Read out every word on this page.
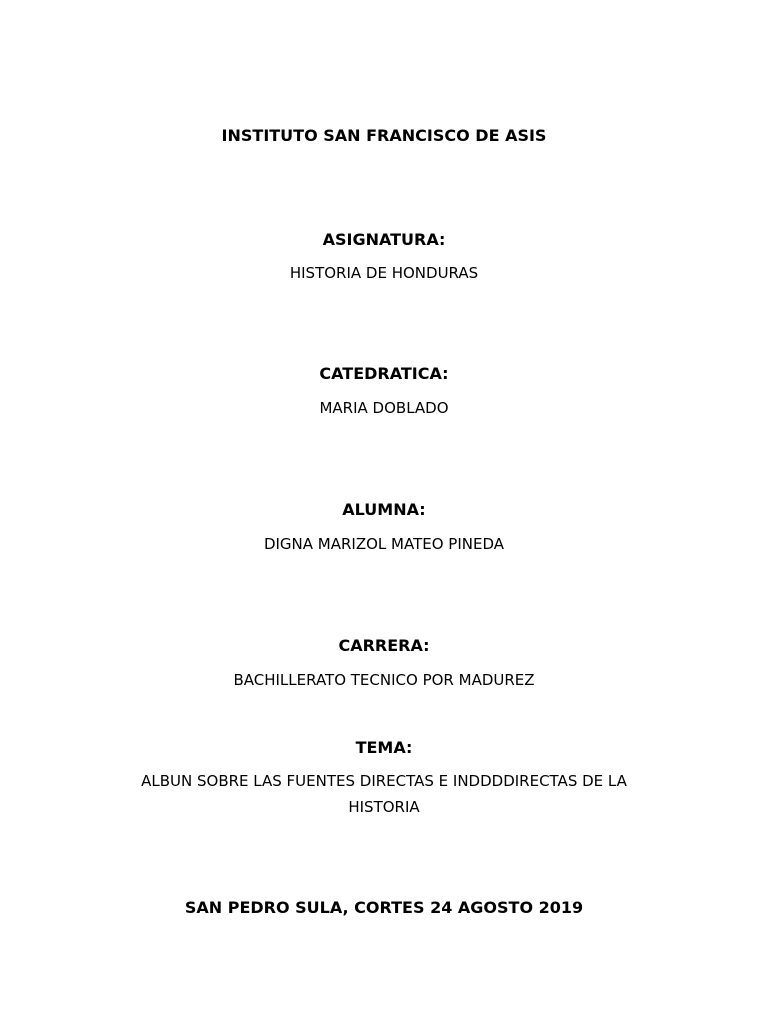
INSTITUTO SAN FRANCISCO DE ASIS
ASIGNATURA:
HISTORIA DE HONDURAS
CATEDRATICA:
MARIA DOBLADO
ALUMNA:
DIGNA MARIZOL MATEO PINEDA
CARRERA:
BACHILLERATO TECNICO POR MADUREZ
TEMA:
ALBUN SOBRE LAS FUENTES DIRECTAS E INDDDDIRECTAS DE LA HISTORIA
SAN PEDRO SULA, CORTES 24 AGOSTO 2019
